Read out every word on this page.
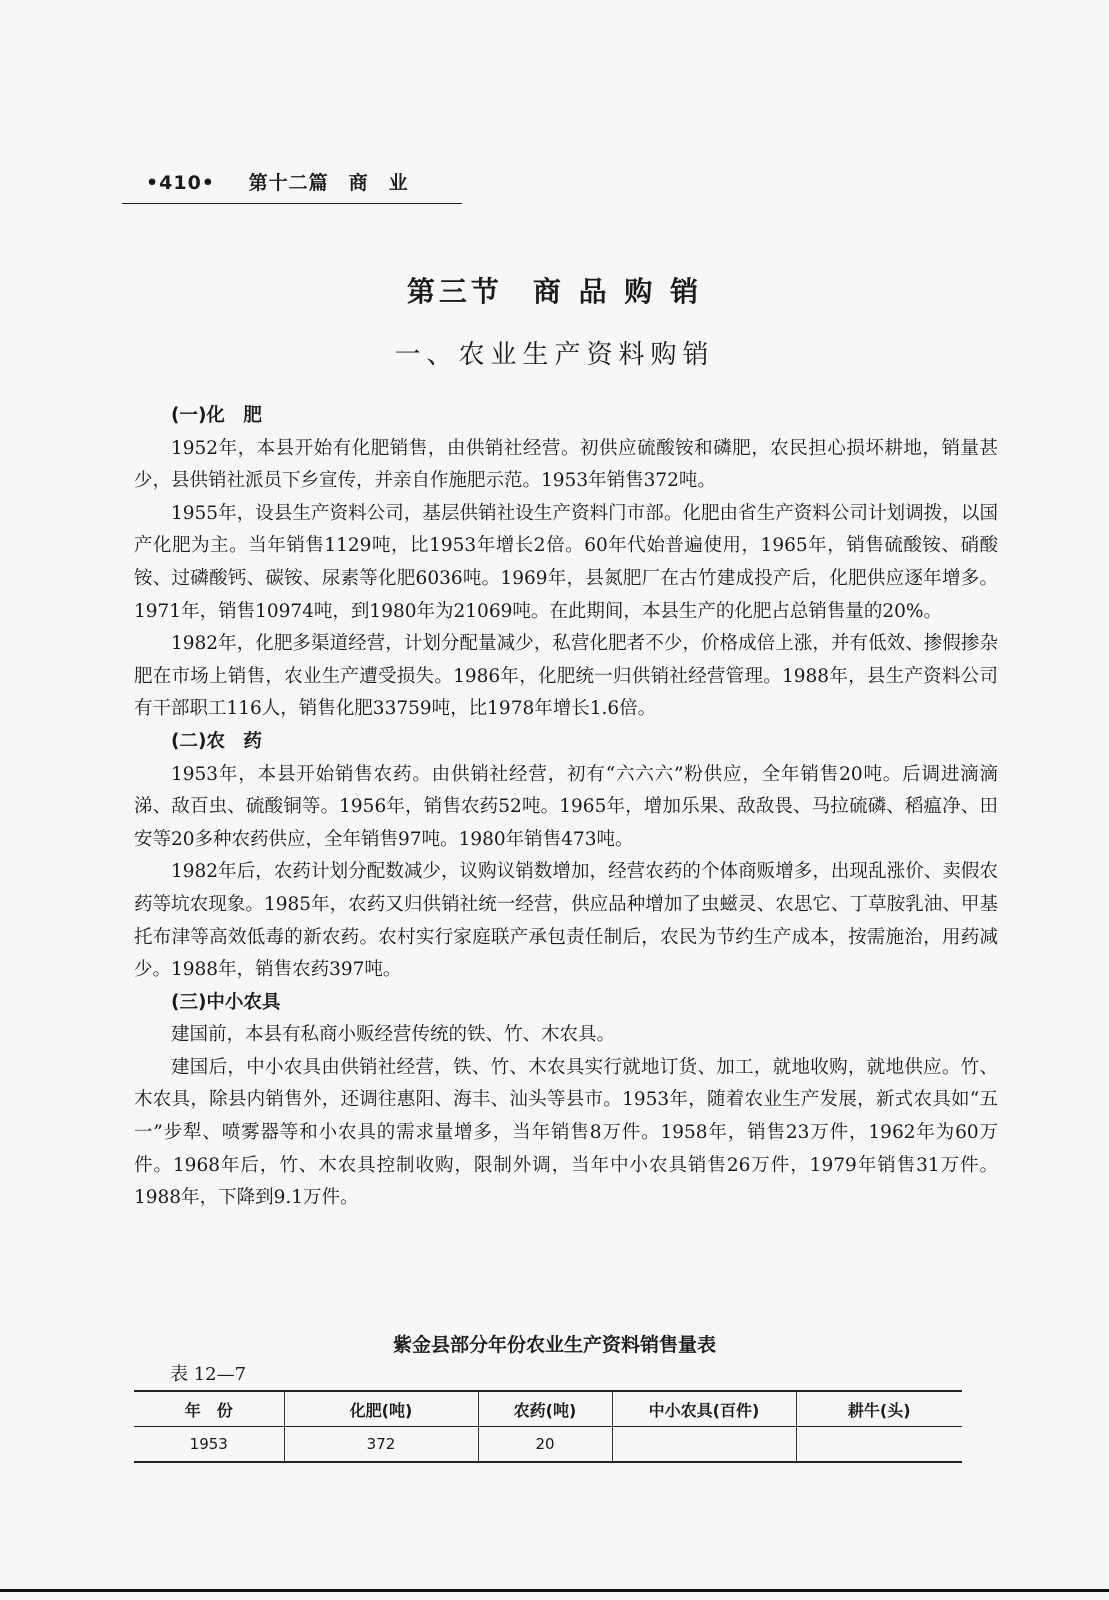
•410• 第十二篇　商　业
第三节 商 品 购 销
一、农业生产资料购销
(一)化　肥

1952年，本县开始有化肥销售，由供销社经营。初供应硫酸铵和磷肥，农民担心损坏耕地，销量甚少，县供销社派员下乡宣传，并亲自作施肥示范。1953年销售372吨。

1955年，设县生产资料公司，基层供销社设生产资料门市部。化肥由省生产资料公司计划调拨，以国产化肥为主。当年销售1129吨，比1953年增长2倍。60年代始普遍使用，1965年，销售硫酸铵、硝酸铵、过磷酸钙、碳铵、尿素等化肥6036吨。1969年，县氮肥厂在古竹建成投产后，化肥供应逐年增多。1971年，销售10974吨，到1980年为21069吨。在此期间，本县生产的化肥占总销售量的20%。

1982年，化肥多渠道经营，计划分配量减少，私营化肥者不少，价格成倍上涨，并有低效、掺假掺杂肥在市场上销售，农业生产遭受损失。1986年，化肥统一归供销社经营管理。1988年，县生产资料公司有干部职工116人，销售化肥33759吨，比1978年增长1.6倍。

(二)农　药

1953年，本县开始销售农药。由供销社经营，初有“六六六”粉供应，全年销售20吨。后调进滴滴涕、敌百虫、硫酸铜等。1956年，销售农药52吨。1965年，增加乐果、敌敌畏、马拉硫磷、稻瘟净、田安等20多种农药供应，全年销售97吨。1980年销售473吨。

1982年后，农药计划分配数减少，议购议销数增加，经营农药的个体商贩增多，出现乱涨价、卖假农药等坑农现象。1985年，农药又归供销社统一经营，供应品种增加了虫螆灵、农思它、丁草胺乳油、甲基托布津等高效低毒的新农药。农村实行家庭联产承包责任制后，农民为节约生产成本，按需施治，用药减少。1988年，销售农药397吨。

(三)中小农具

建国前，本县有私商小贩经营传统的铁、竹、木农具。

建国后，中小农具由供销社经营，铁、竹、木农具实行就地订货、加工，就地收购，就地供应。竹、木农具，除县内销售外，还调往惠阳、海丰、汕头等县市。1953年，随着农业生产发展，新式农具如“五一”步犁、喷雾器等和小农具的需求量增多，当年销售8万件。1958年，销售23万件，1962年为60万件。1968年后，竹、木农具控制收购，限制外调，当年中小农具销售26万件，1979年销售31万件。1988年，下降到9.1万件。

紫金县部分年份农业生产资料销售量表
表 12—7
年　份	化肥(吨)	农药(吨)	中小农具(百件)	耕牛(头)
1953	372	20		
